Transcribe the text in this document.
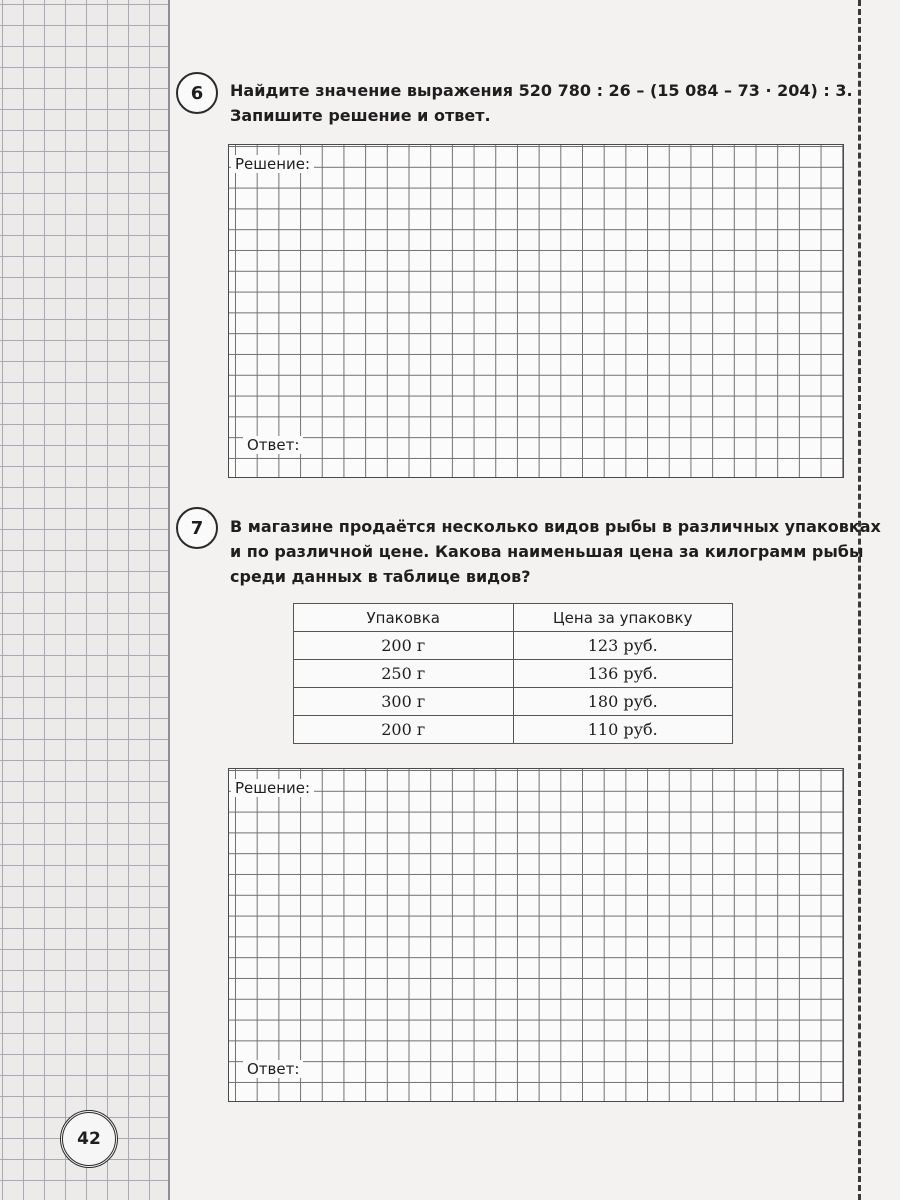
6	Найдите значение выражения 520 780 : 26 – (15 084 – 73 · 204) : 3.

Запишите решение и ответ.

Решение:
Ответ:
7	В магазине продаётся несколько видов рыбы в различных упаковках

и по различной цене. Какова наименьшая цена за килограмм рыбы

среди данных в таблице видов?

Упаковка	Цена за упаковку
200 г	123 руб.
250 г	136 руб.
300 г	180 руб.
200 г	110 руб.
Решение:
Ответ:
42
